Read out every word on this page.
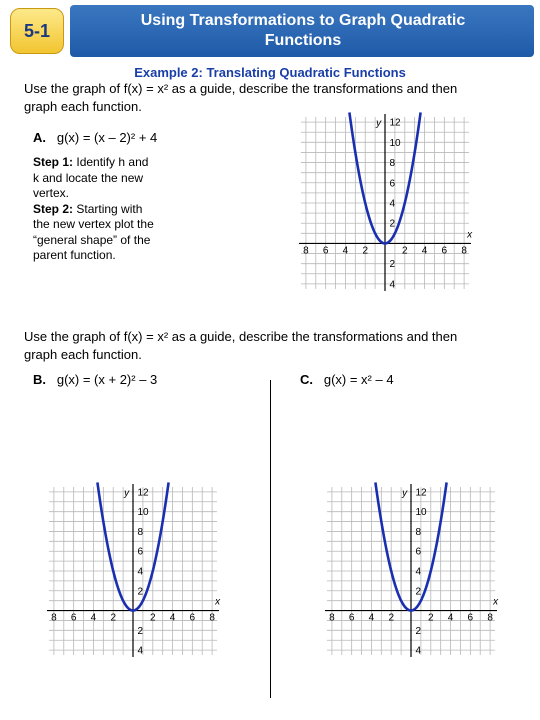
5-1	Using Transformations to Graph Quadratic
Functions
Example 2: Translating Quadratic Functions
Use the graph of f(x) = x² as a guide, describe the transformations and then
graph each function.
A. g(x) = (x – 2)² + 4
Step 1: Identify h and
k and locate the new
vertex.
Step 2: Starting with
the new vertex plot the
“general shape” of the
parent function.
x
y
8 6 4 2	2 4 6 8
12
10
8
6
4
2
2
4
Use the graph of f(x) = x² as a guide, describe the transformations and then
graph each function.
B. g(x) = (x + 2)² – 3	C. g(x) = x² – 4
x
y
8 6 4 2	2 4 6 8
12
10
8
6
4
2
2
4
x
y
8 6 4 2	2 4 6 8
12
10
8
6
4
2
2
4
